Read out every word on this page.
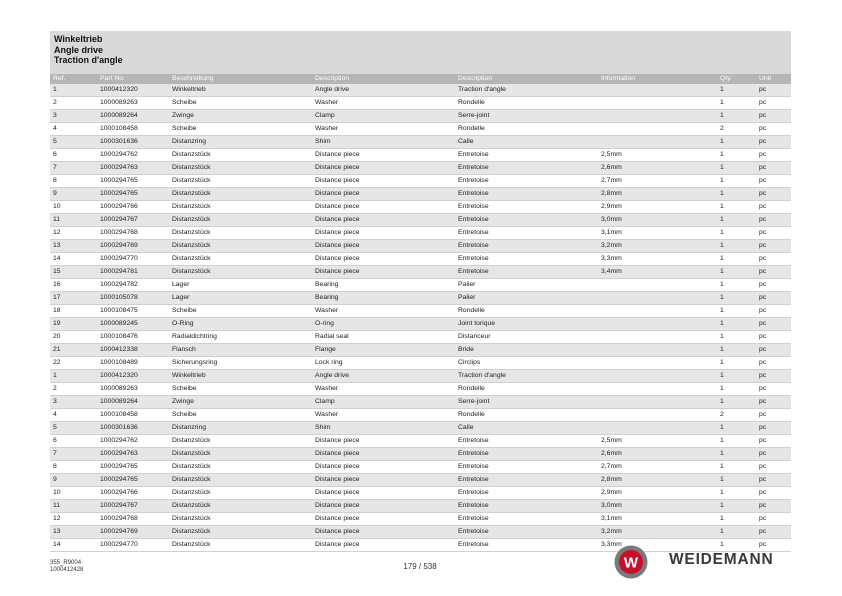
Winkeltrieb
Angle drive
Traction d'angle
Ref.	Part No.	Beschreibung	Description	Description	Information	Qty.	Unit
1	1000412320	Winkeltrieb	Angle drive	Traction d'angle		1	pc
2	1000089263	Scheibe	Washer	Rondelle		1	pc
3	1000089264	Zwinge	Clamp	Serre-joint		1	pc
4	1000108458	Scheibe	Washer	Rondelle		2	pc
5	1000301636	Distanzring	Shim	Calle		1	pc
6	1000294762	Distanzstück	Distance piece	Entretoise	2,5mm	1	pc
7	1000294763	Distanzstück	Distance piece	Entretoise	2,6mm	1	pc
8	1000294765	Distanzstück	Distance piece	Entretoise	2,7mm	1	pc
9	1000294765	Distanzstück	Distance piece	Entretoise	2,8mm	1	pc
10	1000294766	Distanzstück	Distance piece	Entretoise	2,9mm	1	pc
11	1000294767	Distanzstück	Distance piece	Entretoise	3,0mm	1	pc
12	1000294768	Distanzstück	Distance piece	Entretoise	3,1mm	1	pc
13	1000294769	Distanzstück	Distance piece	Entretoise	3,2mm	1	pc
14	1000294770	Distanzstück	Distance piece	Entretoise	3,3mm	1	pc
15	1000294781	Distanzstück	Distance piece	Entretoise	3,4mm	1	pc
16	1000294782	Lager	Bearing	Palier		1	pc
17	1000105078	Lager	Bearing	Palier		1	pc
18	1000108475	Scheibe	Washer	Rondelle		1	pc
19	1000089245	O-Ring	O-ring	Joint torique		1	pc
20	1000108476	Radialdichtring	Radial seal	Distanceur		1	pc
21	1000412338	Flansch	Flange	Bride		1	pc
22	1000108489	Sicherungsring	Lock ring	Circlips		1	pc
1	1000412320	Winkeltrieb	Angle drive	Traction d'angle		1	pc
2	1000089263	Scheibe	Washer	Rondelle		1	pc
3	1000089264	Zwinge	Clamp	Serre-joint		1	pc
4	1000108458	Scheibe	Washer	Rondelle		2	pc
5	1000301636	Distanzring	Shim	Calle		1	pc
6	1000294762	Distanzstück	Distance piece	Entretoise	2,5mm	1	pc
7	1000294763	Distanzstück	Distance piece	Entretoise	2,6mm	1	pc
8	1000294765	Distanzstück	Distance piece	Entretoise	2,7mm	1	pc
9	1000294765	Distanzstück	Distance piece	Entretoise	2,8mm	1	pc
10	1000294766	Distanzstück	Distance piece	Entretoise	2,9mm	1	pc
11	1000294767	Distanzstück	Distance piece	Entretoise	3,0mm	1	pc
12	1000294768	Distanzstück	Distance piece	Entretoise	3,1mm	1	pc
13	1000294769	Distanzstück	Distance piece	Entretoise	3,2mm	1	pc
14	1000294770	Distanzstück	Distance piece	Entretoise	3,3mm	1	pc
355_R9004
1000412428	179 / 538	W WEIDEMANN
